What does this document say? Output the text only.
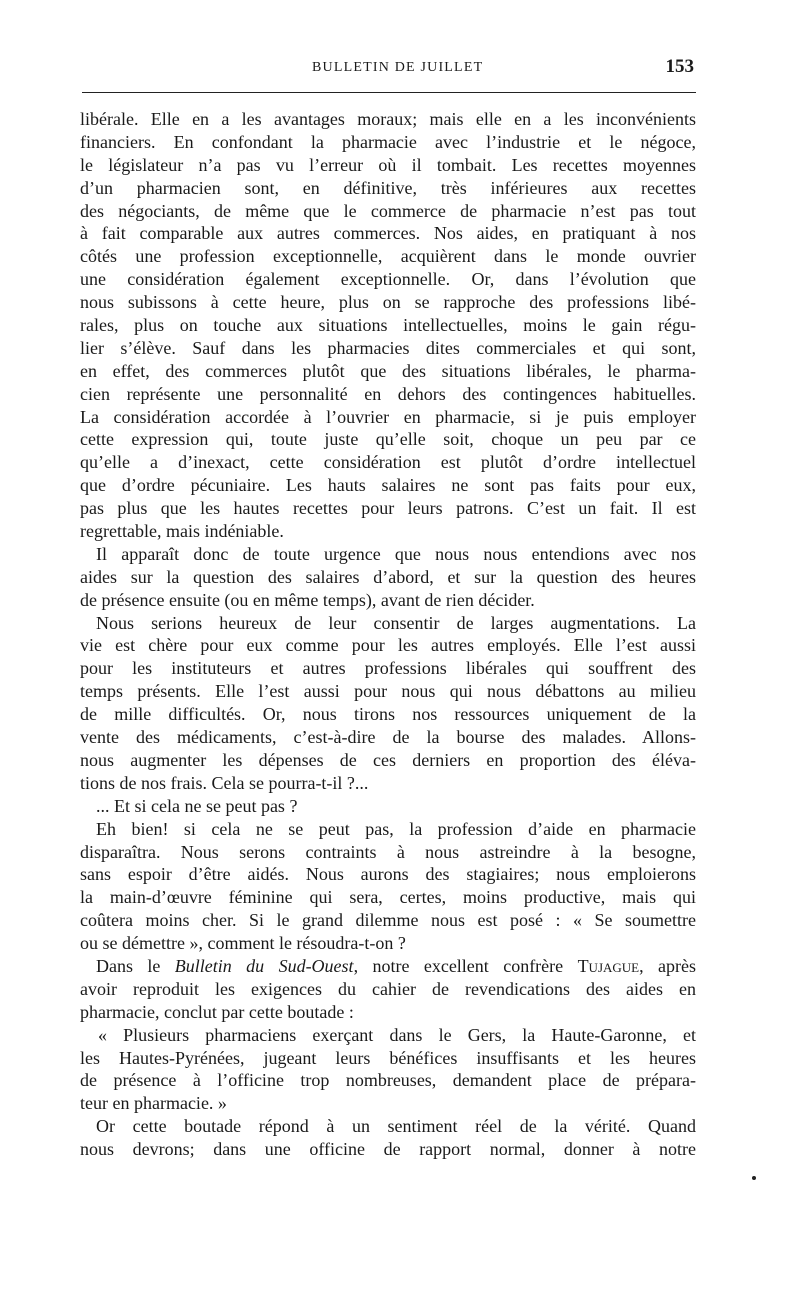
BULLETIN DE JUILLET	153
libérale. Elle en a les avantages moraux; mais elle en a les inconvénients
financiers. En confondant la pharmacie avec l’industrie et le négoce,
le législateur n’a pas vu l’erreur où il tombait. Les recettes moyennes
d’un pharmacien sont, en définitive, très inférieures aux recettes
des négociants, de même que le commerce de pharmacie n’est pas tout
à fait comparable aux autres commerces. Nos aides, en pratiquant à nos
côtés une profession exceptionnelle, acquièrent dans le monde ouvrier
une considération également exceptionnelle. Or, dans l’évolution que
nous subissons à cette heure, plus on se rapproche des professions libé-
rales, plus on touche aux situations intellectuelles, moins le gain régu-
lier s’élève. Sauf dans les pharmacies dites commerciales et qui sont,
en effet, des commerces plutôt que des situations libérales, le pharma-
cien représente une personnalité en dehors des contingences habituelles.
La considération accordée à l’ouvrier en pharmacie, si je puis employer
cette expression qui, toute juste qu’elle soit, choque un peu par ce
qu’elle a d’inexact, cette considération est plutôt d’ordre intellectuel
que d’ordre pécuniaire. Les hauts salaires ne sont pas faits pour eux,
pas plus que les hautes recettes pour leurs patrons. C’est un fait. Il est
regrettable, mais indéniable.
Il apparaît donc de toute urgence que nous nous entendions avec nos
aides sur la question des salaires d’abord, et sur la question des heures
de présence ensuite (ou en même temps), avant de rien décider.
Nous serions heureux de leur consentir de larges augmentations. La
vie est chère pour eux comme pour les autres employés. Elle l’est aussi
pour les instituteurs et autres professions libérales qui souffrent des
temps présents. Elle l’est aussi pour nous qui nous débattons au milieu
de mille difficultés. Or, nous tirons nos ressources uniquement de la
vente des médicaments, c’est-à-dire de la bourse des malades. Allons-
nous augmenter les dépenses de ces derniers en proportion des éléva-
tions de nos frais. Cela se pourra-t-il ?...
... Et si cela ne se peut pas ?
Eh bien! si cela ne se peut pas, la profession d’aide en pharmacie
disparaîtra. Nous serons contraints à nous astreindre à la besogne,
sans espoir d’être aidés. Nous aurons des stagiaires; nous emploierons
la main-d’œuvre féminine qui sera, certes, moins productive, mais qui
coûtera moins cher. Si le grand dilemme nous est posé : « Se soumettre
ou se démettre », comment le résoudra-t-on ?
Dans le Bulletin du Sud-Ouest, notre excellent confrère Tujague, après
avoir reproduit les exigences du cahier de revendications des aides en
pharmacie, conclut par cette boutade :
« Plusieurs pharmaciens exerçant dans le Gers, la Haute-Garonne, et
les Hautes-Pyrénées, jugeant leurs bénéfices insuffisants et les heures
de présence à l’officine trop nombreuses, demandent place de prépara-
teur en pharmacie. »
Or cette boutade répond à un sentiment réel de la vérité. Quand
nous devrons; dans une officine de rapport normal, donner à notre
